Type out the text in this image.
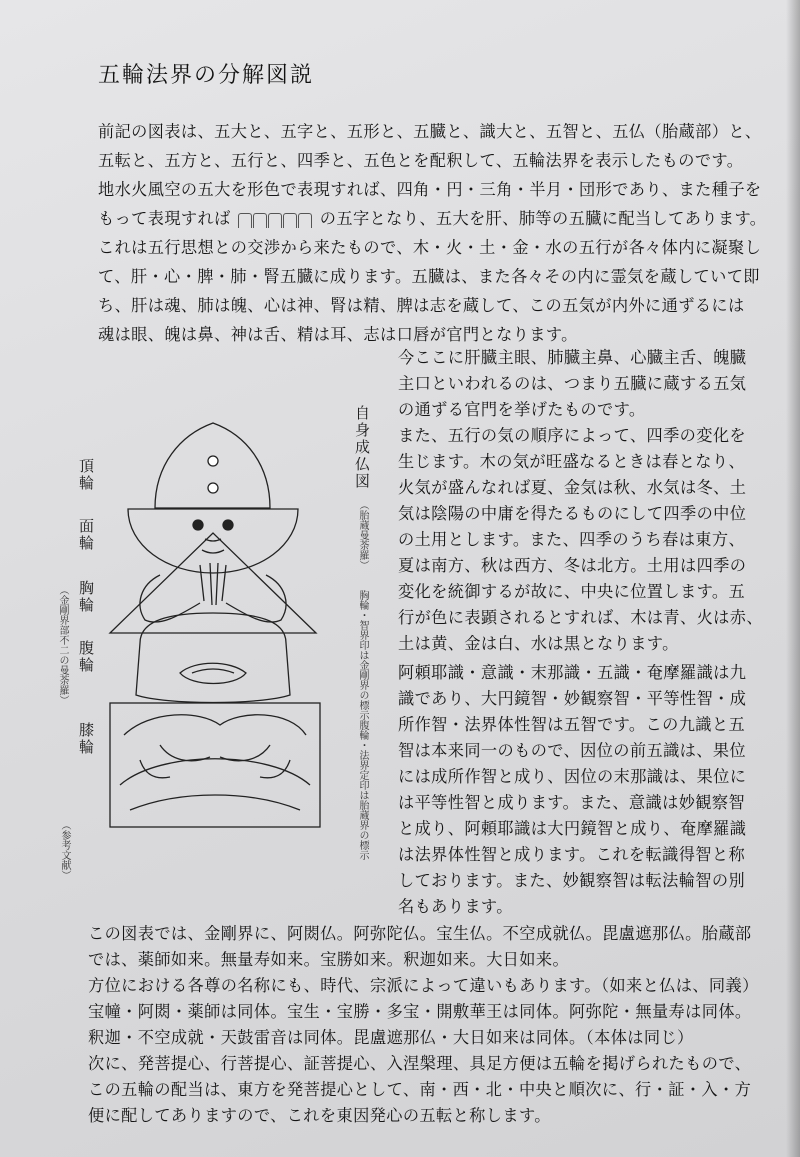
五輪法界の分解図説
前記の図表は、五大と、五字と、五形と、五臓と、識大と、五智と、五仏（胎蔵部）と、
五転と、五方と、五行と、四季と、五色とを配釈して、五輪法界を表示したものです。
地水火風空の五大を形色で表現すれば、四角・円・三角・半月・団形であり、また種子を
もって表現すれば	の五字となり、五大を肝、肺等の五臓に配当してあります。
これは五行思想との交渉から来たもので、木・火・土・金・水の五行が各々体内に凝聚し
て、肝・心・脾・肺・腎五臓に成ります。五臓は、また各々その内に霊気を蔵していて即
ち、肝は魂、肺は魄、心は神、腎は精、脾は志を蔵して、この五気が内外に通ずるには
魂は眼、魄は鼻、神は舌、精は耳、志は口唇が官門となります。
今ここに肝臓主眼、肺臓主鼻、心臓主舌、魄臓
主口といわれるのは、つまり五臓に蔵する五気
の通ずる官門を挙げたものです。
また、五行の気の順序によって、四季の変化を
生じます。木の気が旺盛なるときは春となり、
火気が盛んなれば夏、金気は秋、水気は冬、土
気は陰陽の中庸を得たるものにして四季の中位
の土用とします。また、四季のうち春は東方、
夏は南方、秋は西方、冬は北方。土用は四季の
変化を統御するが故に、中央に位置します。五
行が色に表顕されるとすれば、木は青、火は赤、
土は黄、金は白、水は黒となります。
阿頼耶識・意識・末那識・五識・奄摩羅識は九
識であり、大円鏡智・妙観察智・平等性智・成
所作智・法界体性智は五智です。この九識と五
智は本来同一のもので、因位の前五識は、果位
には成所作智と成り、因位の末那識は、果位に
は平等性智と成ります。また、意識は妙観察智
と成り、阿頼耶識は大円鏡智と成り、奄摩羅識
は法界体性智と成ります。これを転識得智と称
しております。また、妙観察智は転法輪智の別
名もあります。
この図表では、金剛界に、阿閦仏。阿弥陀仏。宝生仏。不空成就仏。毘盧遮那仏。胎蔵部
では、薬師如来。無量寿如来。宝勝如来。釈迦如来。大日如来。
方位における各尊の名称にも、時代、宗派によって違いもあります。（如来と仏は、同義）
宝幢・阿閦・薬師は同体。宝生・宝勝・多宝・開敷華王は同体。阿弥陀・無量寿は同体。
釈迦・不空成就・天鼓雷音は同体。毘盧遮那仏・大日如来は同体。（本体は同じ）
次に、発菩提心、行菩提心、証菩提心、入涅槃理、具足方便は五輪を掲げられたもので、
この五輪の配当は、東方を発菩提心として、南・西・北・中央と順次に、行・証・入・方
便に配してありますので、これを東因発心の五転と称します。
自身成仏図
（胎蔵曼荼羅）
胸輪・智界印は金剛界の標示
腹輪・法界定印は胎蔵界の標示
頂輪
面輪
胸輪
腹輪
膝輪
（金剛界部不二の曼荼羅）
（参考文献）
